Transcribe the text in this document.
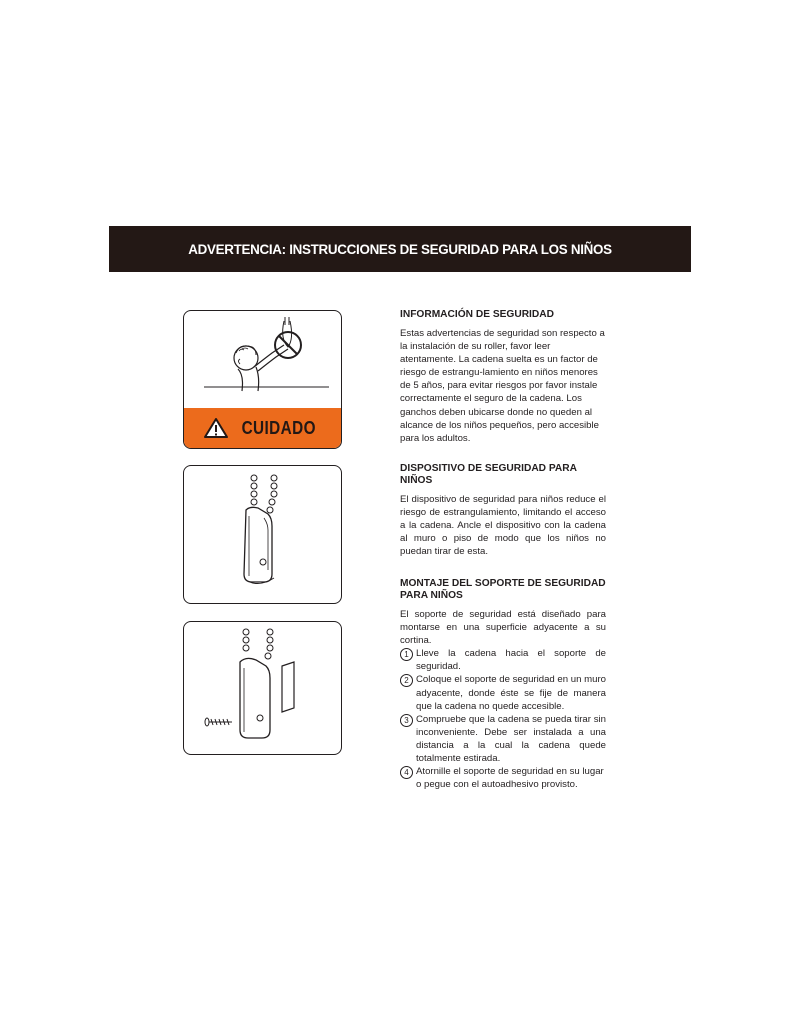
ADVERTENCIA: INSTRUCCIONES DE SEGURIDAD PARA LOS NIÑOS
CUIDADO

INFORMACIÓN DE SEGURIDAD

Estas advertencias de seguridad son respecto a la instalación de su roller, favor leer atentamente. La cadena suelta es un factor de riesgo de estrangu-lamiento en niños menores de 5 años, para evitar riesgos por favor instale correctamente el seguro de la cadena. Los ganchos deben ubicarse donde no queden al alcance de los niños pequeños, pero accesible para los adultos.

DISPOSITIVO DE SEGURIDAD PARA NIÑOS

El dispositivo de seguridad para niños reduce el riesgo de estrangulamiento, limitando el acceso a la cadena. Ancle el dispositivo con la cadena al muro o piso de modo que los niños no puedan tirar de esta.

MONTAJE DEL SOPORTE DE SEGURIDAD PARA NIÑOS

El soporte de seguridad está diseñado para montarse en una superficie adyacente a su cortina.

1 Lleve la cadena hacia el soporte de seguridad.
2 Coloque el soporte de seguridad en un muro adyacente, donde éste se fije de manera que la cadena no quede accesible.
3 Compruebe que la cadena se pueda tirar sin inconveniente. Debe ser instalada a una distancia a la cual la cadena quede totalmente estirada.
4 Atornille el soporte de seguridad en su lugar o pegue con el autoadhesivo provisto.
